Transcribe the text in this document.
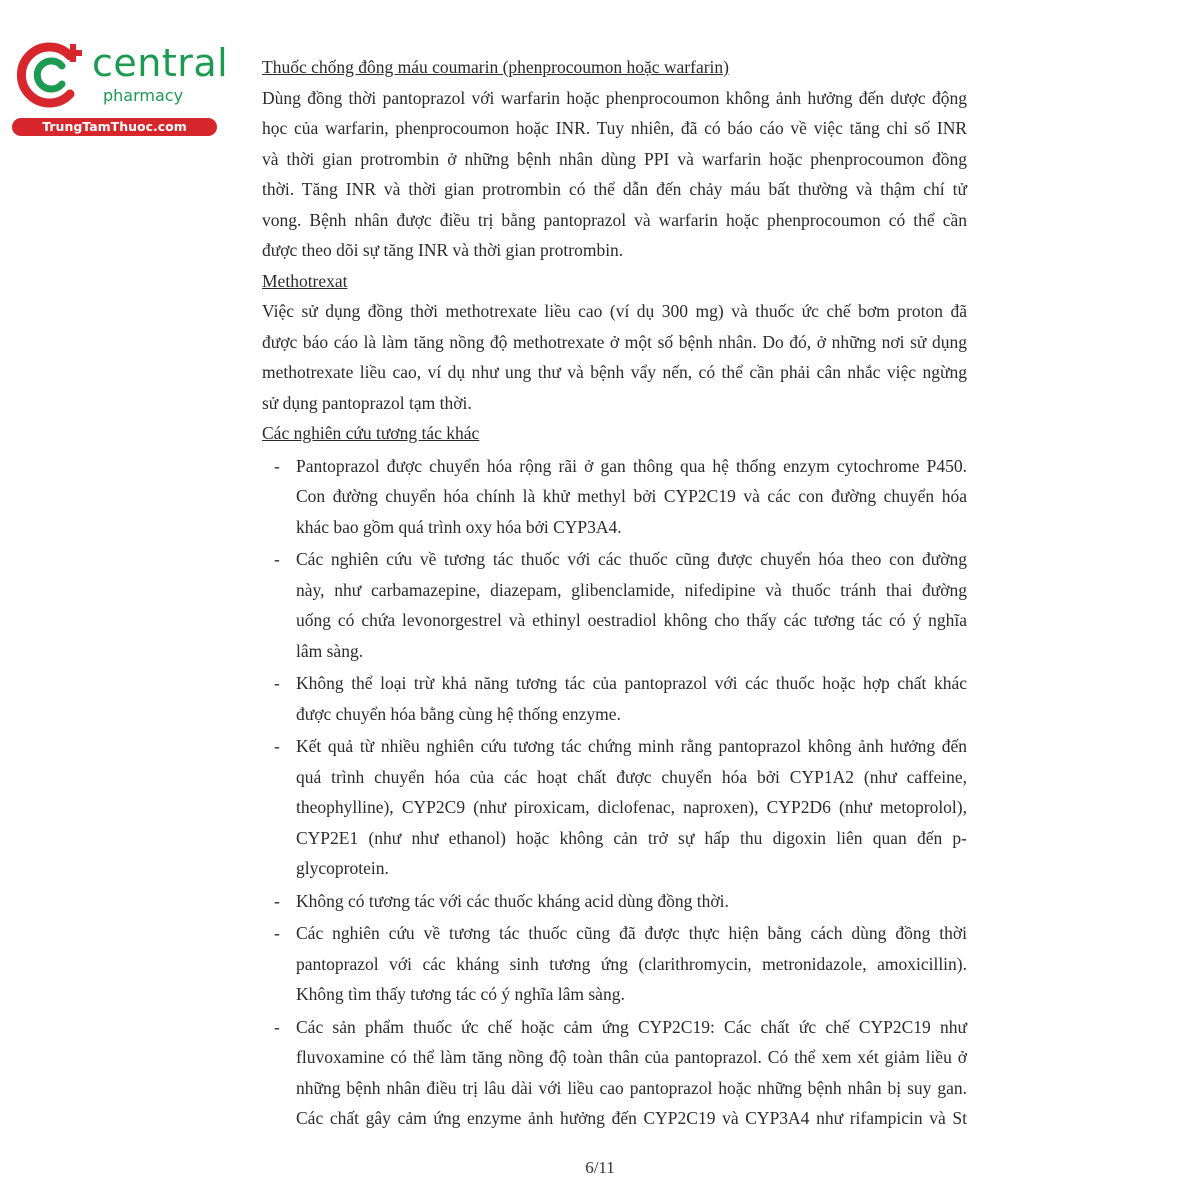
central
pharmacy
TrungTamThuoc.com
Thuốc chống đông máu coumarin (phenprocoumon hoặc warfarin)
Dùng đồng thời pantoprazol với warfarin hoặc phenprocoumon không ảnh hưởng đến dược động
học của warfarin, phenprocoumon hoặc INR. Tuy nhiên, đã có báo cáo về việc tăng chỉ số INR
và thời gian protrombin ở những bệnh nhân dùng PPI và warfarin hoặc phenprocoumon đồng
thời. Tăng INR và thời gian protrombin có thể dẫn đến chảy máu bất thường và thậm chí tử
vong. Bệnh nhân được điều trị bằng pantoprazol và warfarin hoặc phenprocoumon có thể cần
được theo dõi sự tăng INR và thời gian protrombin.
Methotrexat
Việc sử dụng đồng thời methotrexate liều cao (ví dụ 300 mg) và thuốc ức chế bơm proton đã
được báo cáo là làm tăng nồng độ methotrexate ở một số bệnh nhân. Do đó, ở những nơi sử dụng
methotrexate liều cao, ví dụ như ung thư và bệnh vẩy nến, có thể cần phải cân nhắc việc ngừng
sử dụng pantoprazol tạm thời.
Các nghiên cứu tương tác khác
- Pantoprazol được chuyển hóa rộng rãi ở gan thông qua hệ thống enzym cytochrome P450.
Con đường chuyển hóa chính là khử methyl bởi CYP2C19 và các con đường chuyển hóa
khác bao gồm quá trình oxy hóa bởi CYP3A4.
- Các nghiên cứu về tương tác thuốc với các thuốc cũng được chuyển hóa theo con đường
này, như carbamazepine, diazepam, glibenclamide, nifedipine và thuốc tránh thai đường
uống có chứa levonorgestrel và ethinyl oestradiol không cho thấy các tương tác có ý nghĩa
lâm sàng.
- Không thể loại trừ khả năng tương tác của pantoprazol với các thuốc hoặc hợp chất khác
được chuyển hóa bằng cùng hệ thống enzyme.
- Kết quả từ nhiều nghiên cứu tương tác chứng minh rằng pantoprazol không ảnh hưởng đến
quá trình chuyển hóa của các hoạt chất được chuyển hóa bởi CYP1A2 (như caffeine,
theophylline), CYP2C9 (như piroxicam, diclofenac, naproxen), CYP2D6 (như metoprolol),
CYP2E1 (như như ethanol) hoặc không cản trở sự hấp thu digoxin liên quan đến p-
glycoprotein.
- Không có tương tác với các thuốc kháng acid dùng đồng thời.
- Các nghiên cứu về tương tác thuốc cũng đã được thực hiện bằng cách dùng đồng thời
pantoprazol với các kháng sinh tương ứng (clarithromycin, metronidazole, amoxicillin).
Không tìm thấy tương tác có ý nghĩa lâm sàng.
- Các sản phẩm thuốc ức chế hoặc cảm ứng CYP2C19: Các chất ức chế CYP2C19 như
fluvoxamine có thể làm tăng nồng độ toàn thân của pantoprazol. Có thể xem xét giảm liều ở
những bệnh nhân điều trị lâu dài với liều cao pantoprazol hoặc những bệnh nhân bị suy gan.
Các chất gây cảm ứng enzyme ảnh hưởng đến CYP2C19 và CYP3A4 như rifampicin và St
6/11
